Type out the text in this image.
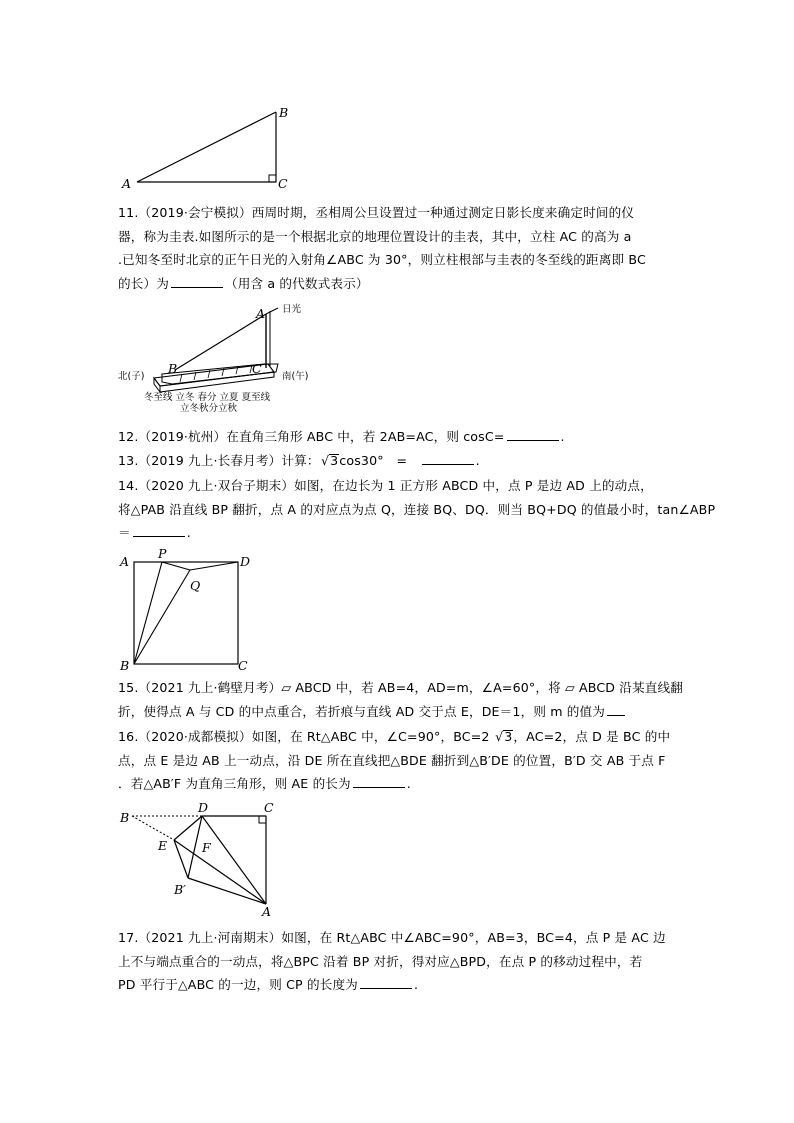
A
B
C
11.（2019·会宁模拟）西周时期，丞相周公旦设置过一种通过测定日影长度来确定时间的仪
器，称为圭表.如图所示的是一个根据北京的地理位置设计的圭表，其中，立柱 AC 的高为 a
.已知冬至时北京的正午日光的入射角∠ABC 为 30°，则立柱根部与圭表的冬至线的距离即 BC
的长）为	（用含 a 的代数式表示）
A 日光
B	C
北(子)	南(午)
冬至线 立冬 春分 立夏 夏至线
立冬秋分立秋
12.（2019·杭州）在直角三角形 ABC 中，若 2AB=AC，则 cosC=	.
13.（2019 九上·长春月考）计算： √ 3cos30°　=	.
14.（2020 九上·双台子期末）如图，在边长为 1 正方形 ABCD 中，点 P 是边 AD 上的动点，
将△PAB 沿直线 BP 翻折，点 A 的对应点为点 Q，连接 BQ、DQ．则当 BQ+DQ 的值最小时，tan∠ABP
＝	.
A
P
D
Q
B	C
15.（2021 九上·鹤壁月考）▱ ABCD 中，若 AB=4，AD=m，∠A=60°，将 ▱ ABCD 沿某直线翻
折，使得点 A 与 CD 的中点重合，若折痕与直线 AD 交于点 E，DE＝1，则 m 的值为
16.（2020·成都模拟）如图，在 Rt△ABC 中，∠C=90°，BC=2 √ 3，AC=2，点 D 是 BC 的中
点，点 E 是边 AB 上一动点，沿 DE 所在直线把△BDE 翻折到△B′DE 的位置，B′D 交 AB 于点 F
．若△AB′F 为直角三角形，则 AE 的长为	.
B
D	C
E	F
B′
A
17.（2021 九上·河南期末）如图，在 Rt△ABC 中∠ABC=90°，AB=3，BC=4，点 P 是 AC 边
上不与端点重合的一动点，将△BPC 沿着 BP 对折，得对应△BPD，在点 P 的移动过程中，若
PD 平行于△ABC 的一边，则 CP 的长度为	.
